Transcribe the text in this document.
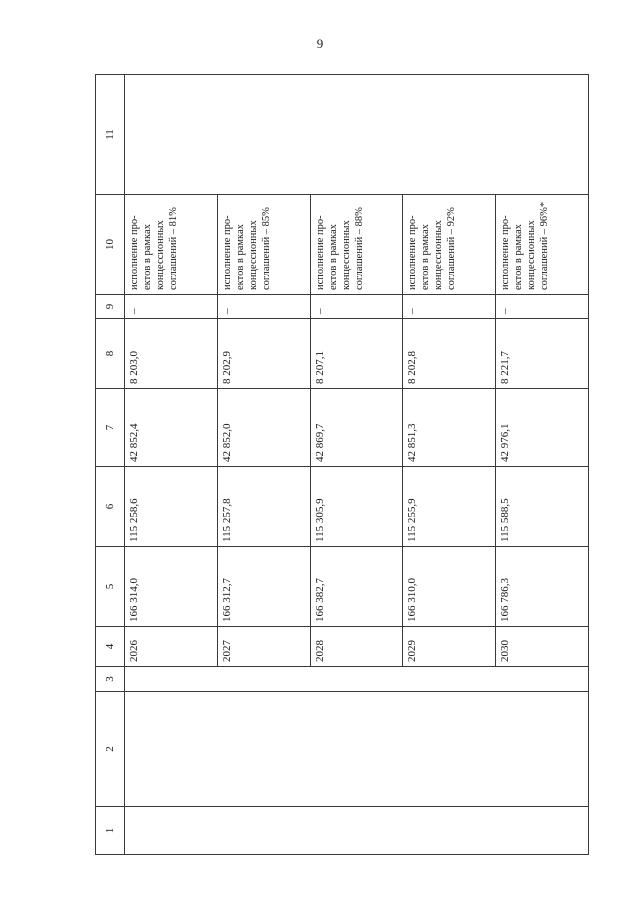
9
1	2	3	4	5	6	7	8	9	10	11
			2026	166 314,0	115 258,6	42 852,4	8 203,0	–	исполнение про-ектов в рамках концессионных соглашений – 81%	
			2027	166 312,7	115 257,8	42 852,0	8 202,9	–	исполнение про-ектов в рамках концессионных соглашений – 85%	
			2028	166 382,7	115 305,9	42 869,7	8 207,1	–	исполнение про-ектов в рамках концессионных соглашений – 88%	
			2029	166 310,0	115 255,9	42 851,3	8 202,8	–	исполнение про-ектов в рамках концессионных соглашений – 92%	
			2030	166 786,3	115 588,5	42 976,1	8 221,7	–	исполнение про-ектов в рамках концессионных соглашений – 96%*	
